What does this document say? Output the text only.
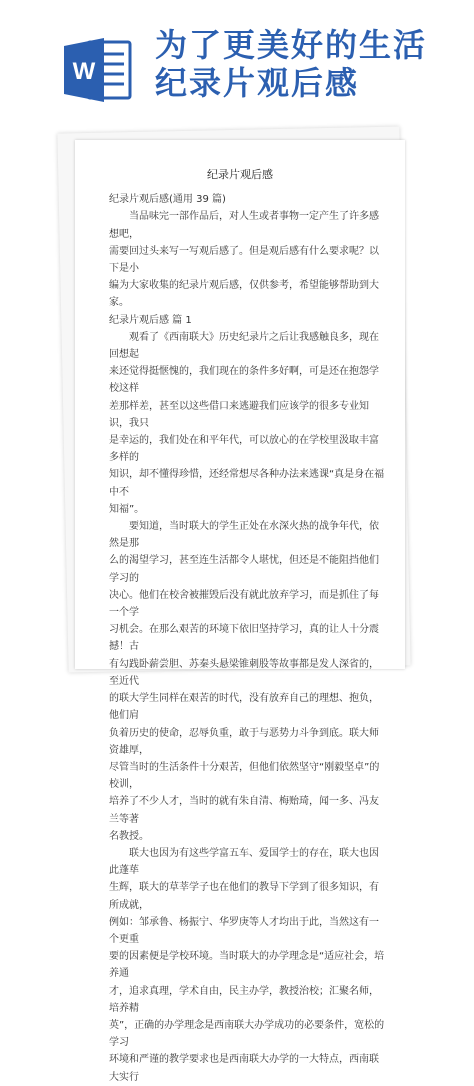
W
为了更美好的生活
纪录片观后感
纪录片观后感

纪录片观后感(通用 39 篇)

当品味完一部作品后，对人生或者事物一定产生了许多感想吧，
需要回过头来写一写观后感了。但是观后感有什么要求呢？以下是小
编为大家收集的纪录片观后感，仅供参考，希望能够帮助到大家。

纪录片观后感 篇 1

观看了《西南联大》历史纪录片之后让我感触良多，现在回想起
来还觉得挺惬愧的，我们现在的条件多好啊，可是还在抱怨学校这样
差那样差，甚至以这些借口来逃避我们应该学的很多专业知识，我只
是幸运的，我们处在和平年代，可以放心的在学校里汲取丰富多样的
知识，却不懂得珍惜，还经常想尽各种办法来逃课“真是身在福中不
知福”。

要知道，当时联大的学生正处在水深火热的战争年代，依然是那
么的渴望学习，甚至连生活都令人堪忧，但还是不能阻挡他们学习的
决心。他们在校舍被摧毁后没有就此放弃学习，而是抓住了每一个学
习机会。在那么艰苦的环境下依旧坚持学习，真的让人十分震撼！古
有勾践卧薪尝胆、苏秦头悬梁锥刺股等故事都是发人深省的，至近代
的联大学生同样在艰苦的时代，没有放弃自己的理想、抱负，他们肩
负着历史的使命，忍辱负重，敢于与恶势力斗争到底。联大师资雄厚，
尽管当时的生活条件十分艰苦，但他们依然坚守“刚毅坚卓”的校训，
培养了不少人才，当时的就有朱自清、梅贻琦，闻一多、冯友兰等著
名教授。

联大也因为有这些学富五车、爱国学士的存在，联大也因此蓬荜
生辉，联大的草莘学子也在他们的教导下学到了很多知识，有所成就，
例如：邹承鲁、杨振宁、华罗庚等人才均出于此，当然这有一个更重
要的因素便是学校环境。当时联大的办学理念是“适应社会，培养通
才，追求真理，学术自由，民主办学，教授治校；汇聚名师，培养精
英”，正确的办学理念是西南联大办学成功的必要条件，宽松的学习
环境和严谨的教学要求也是西南联大办学的一大特点，西南联大实行
